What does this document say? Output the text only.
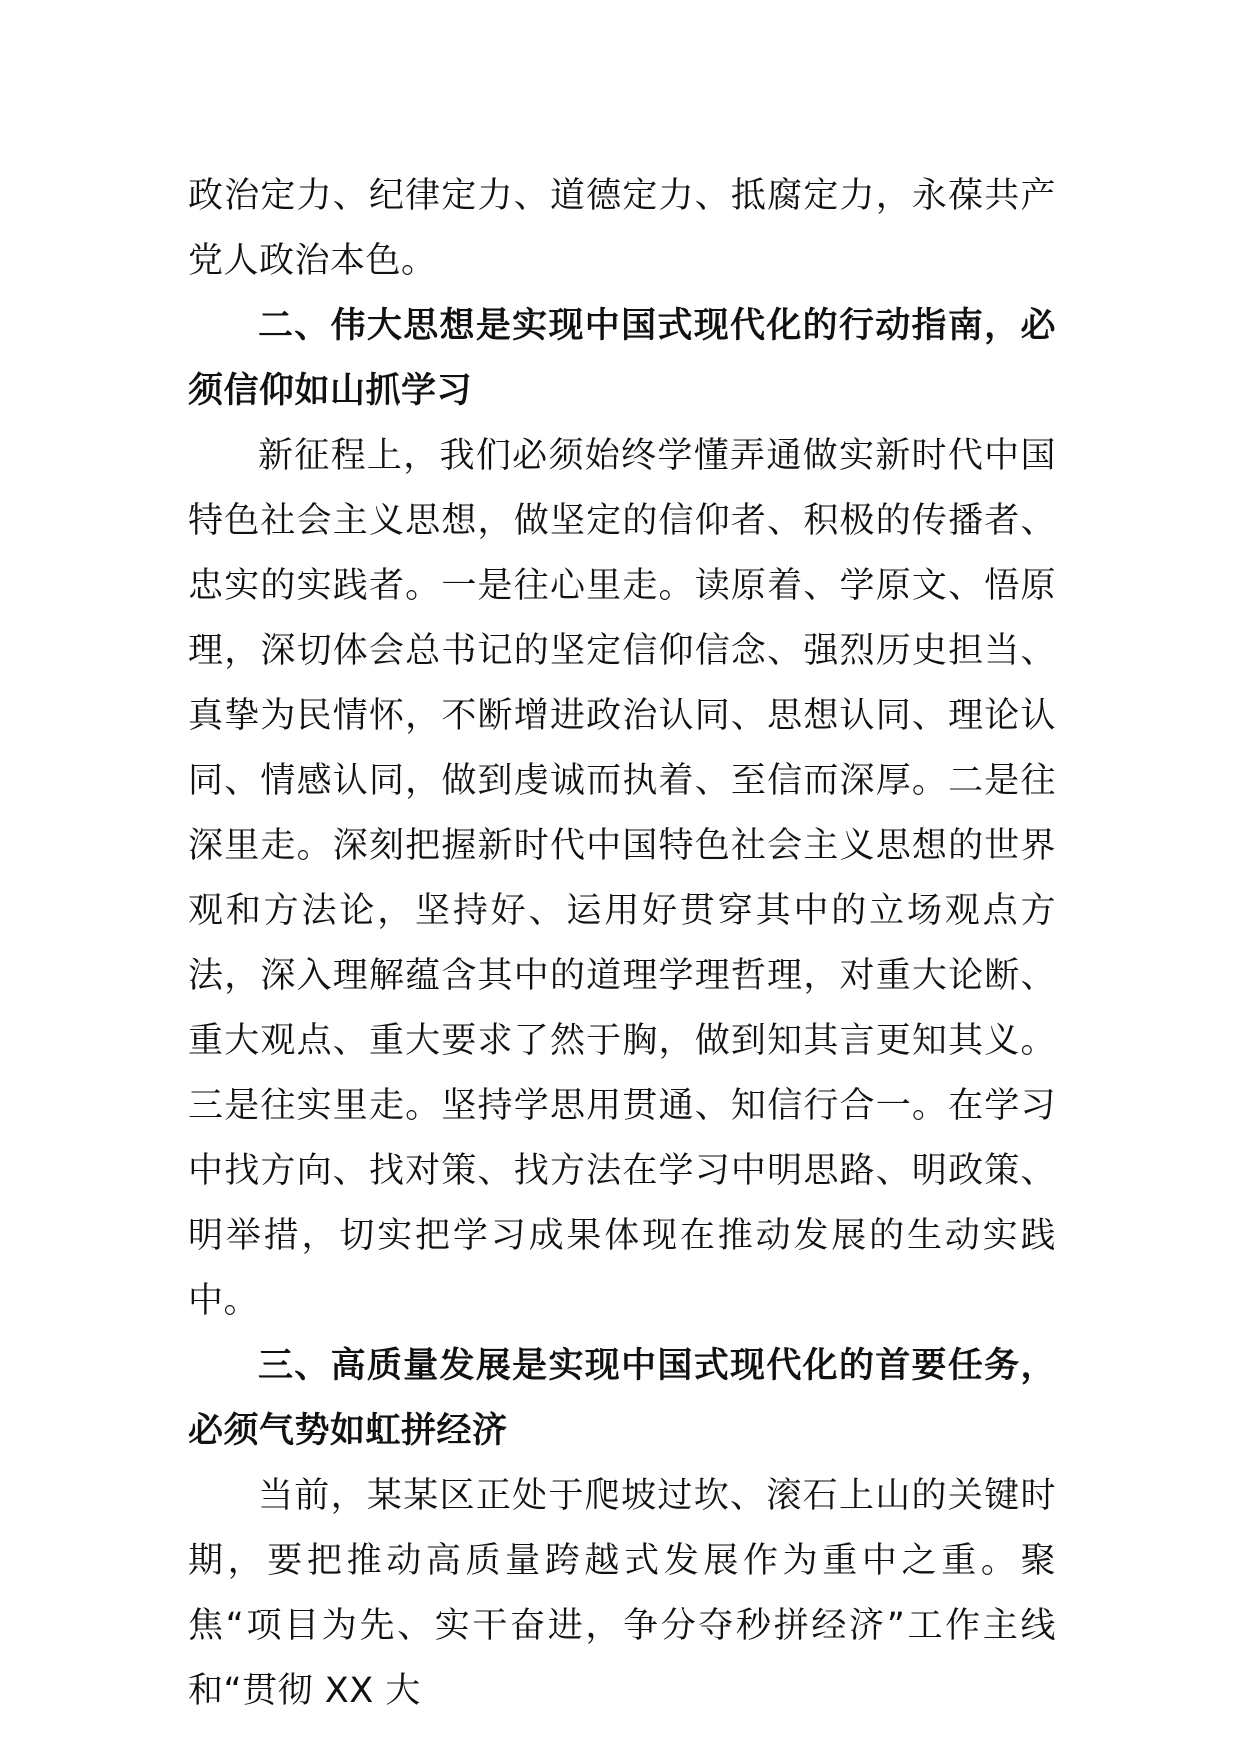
政治定力、纪律定力、道德定力、抵腐定力，永葆共产党人政治本色。

二、伟大思想是实现中国式现代化的行动指南，必须信仰如山抓学习

新征程上，我们必须始终学懂弄通做实新时代中国特色社会主义思想，做坚定的信仰者、积极的传播者、忠实的实践者。一是往心里走。读原着、学原文、悟原理，深切体会总书记的坚定信仰信念、强烈历史担当、真挚为民情怀，不断增进政治认同、思想认同、理论认同、情感认同，做到虔诚而执着、至信而深厚。二是往深里走。深刻把握新时代中国特色社会主义思想的世界观和方法论，坚持好、运用好贯穿其中的立场观点方法，深入理解蕴含其中的道理学理哲理，对重大论断、重大观点、重大要求了然于胸，做到知其言更知其义。三是往实里走。坚持学思用贯通、知信行合一。在学习中找方向、找对策、找方法在学习中明思路、明政策、明举措，切实把学习成果体现在推动发展的生动实践中。

三、高质量发展是实现中国式现代化的首要任务，必须气势如虹拼经济

当前，某某区正处于爬坡过坎、滚石上山的关键时期，要把推动高质量跨越式发展作为重中之重。聚焦“项目为先、实干奋进，争分夺秒拼经济”工作主线和“贯彻 XX 大
